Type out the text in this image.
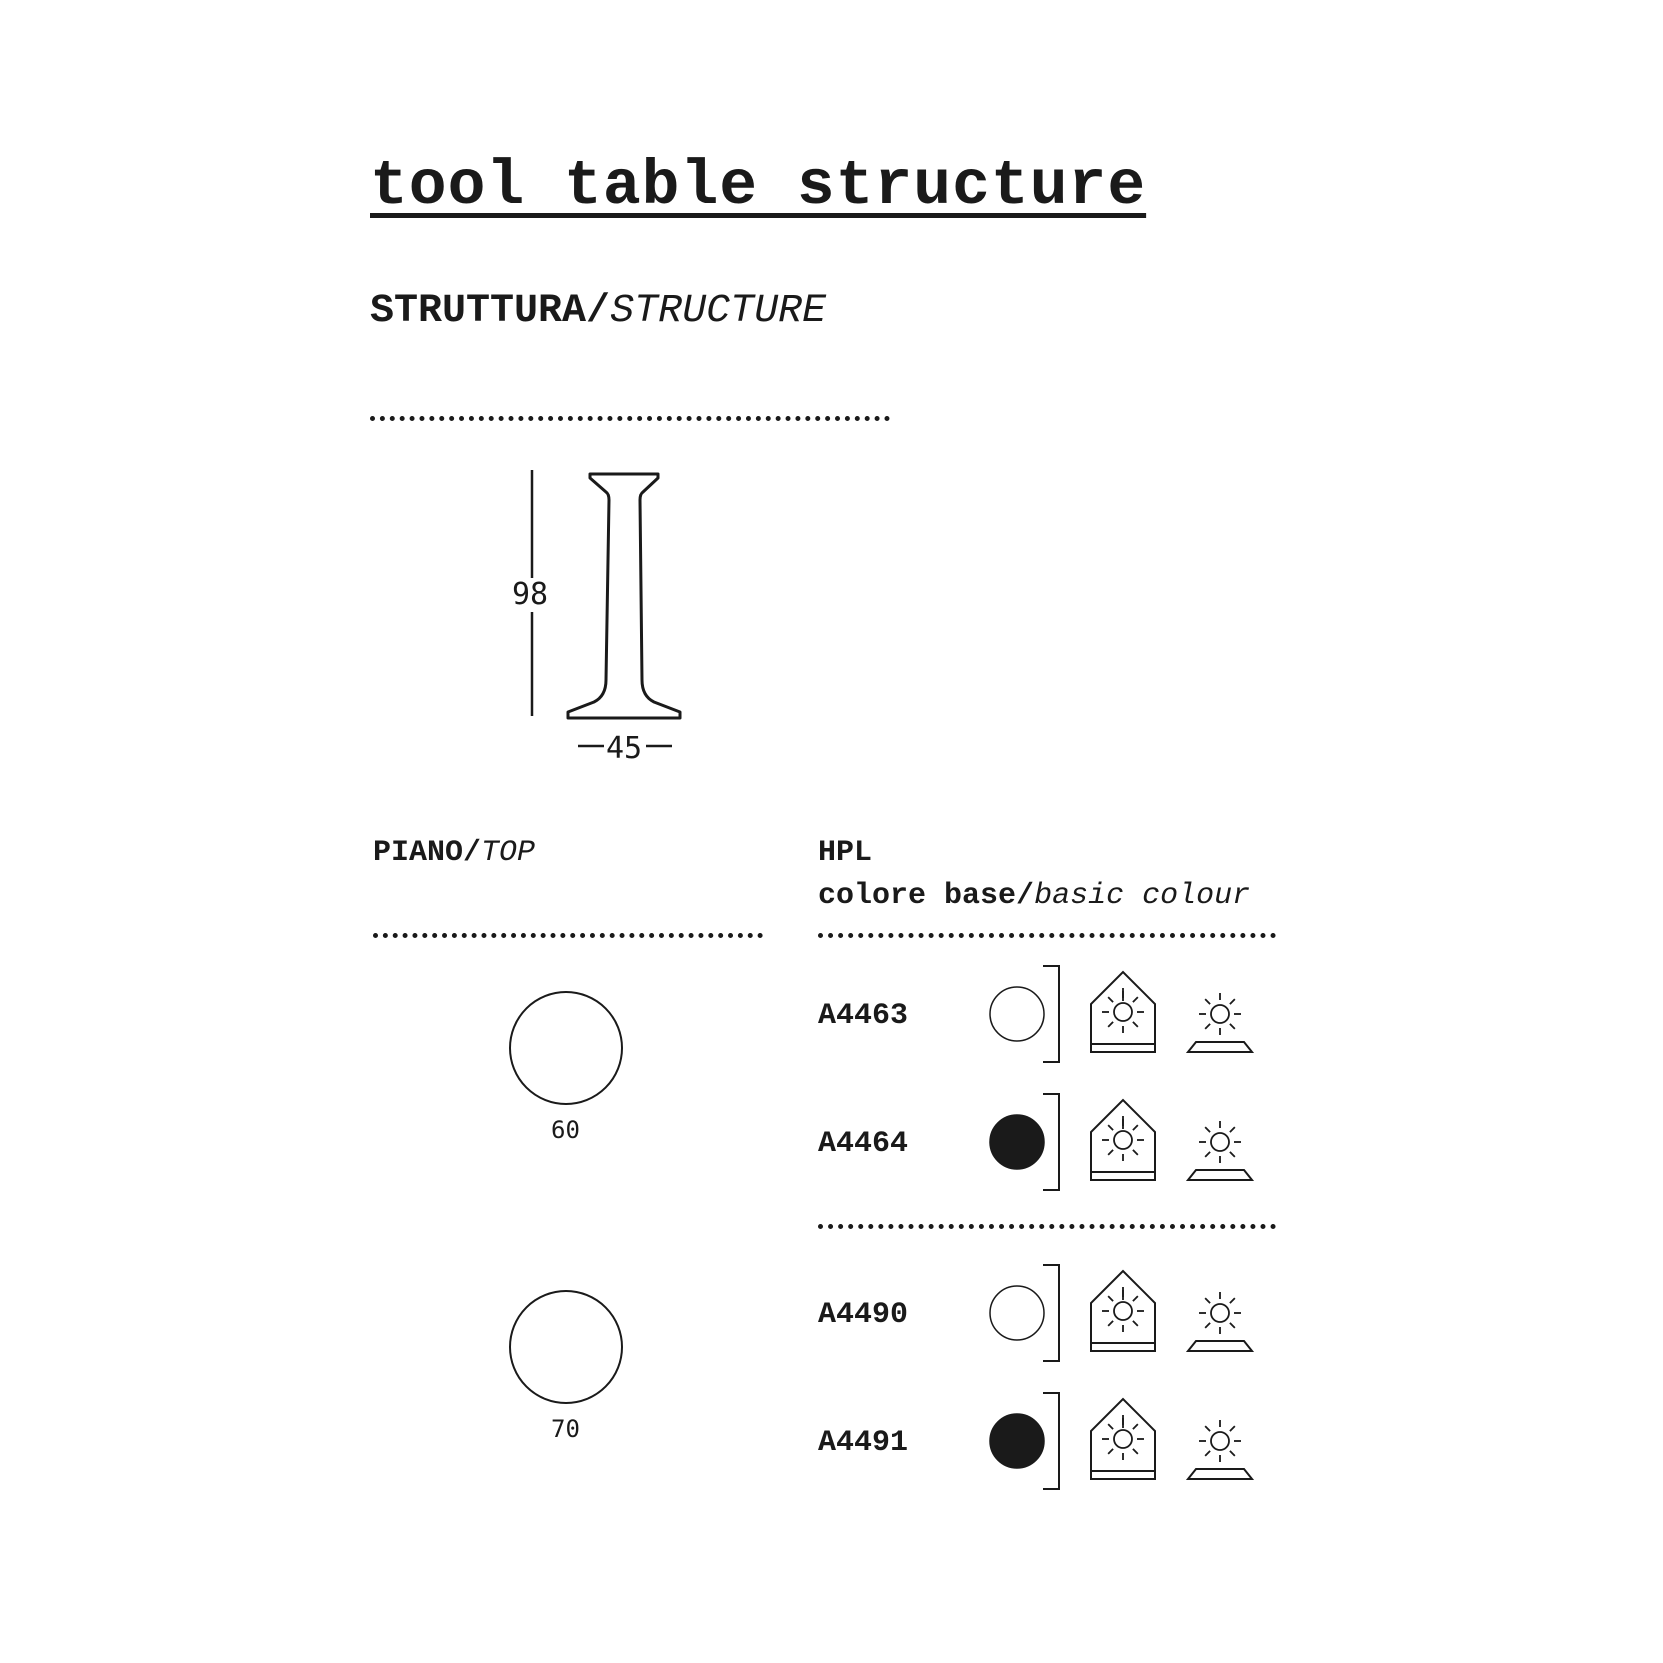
tool table structure
STRUTTURA/STRUCTURE
98
45
PIANO/TOP
60
70
HPL
colore base/basic colour
A4463
A4464
A4490
A4491
